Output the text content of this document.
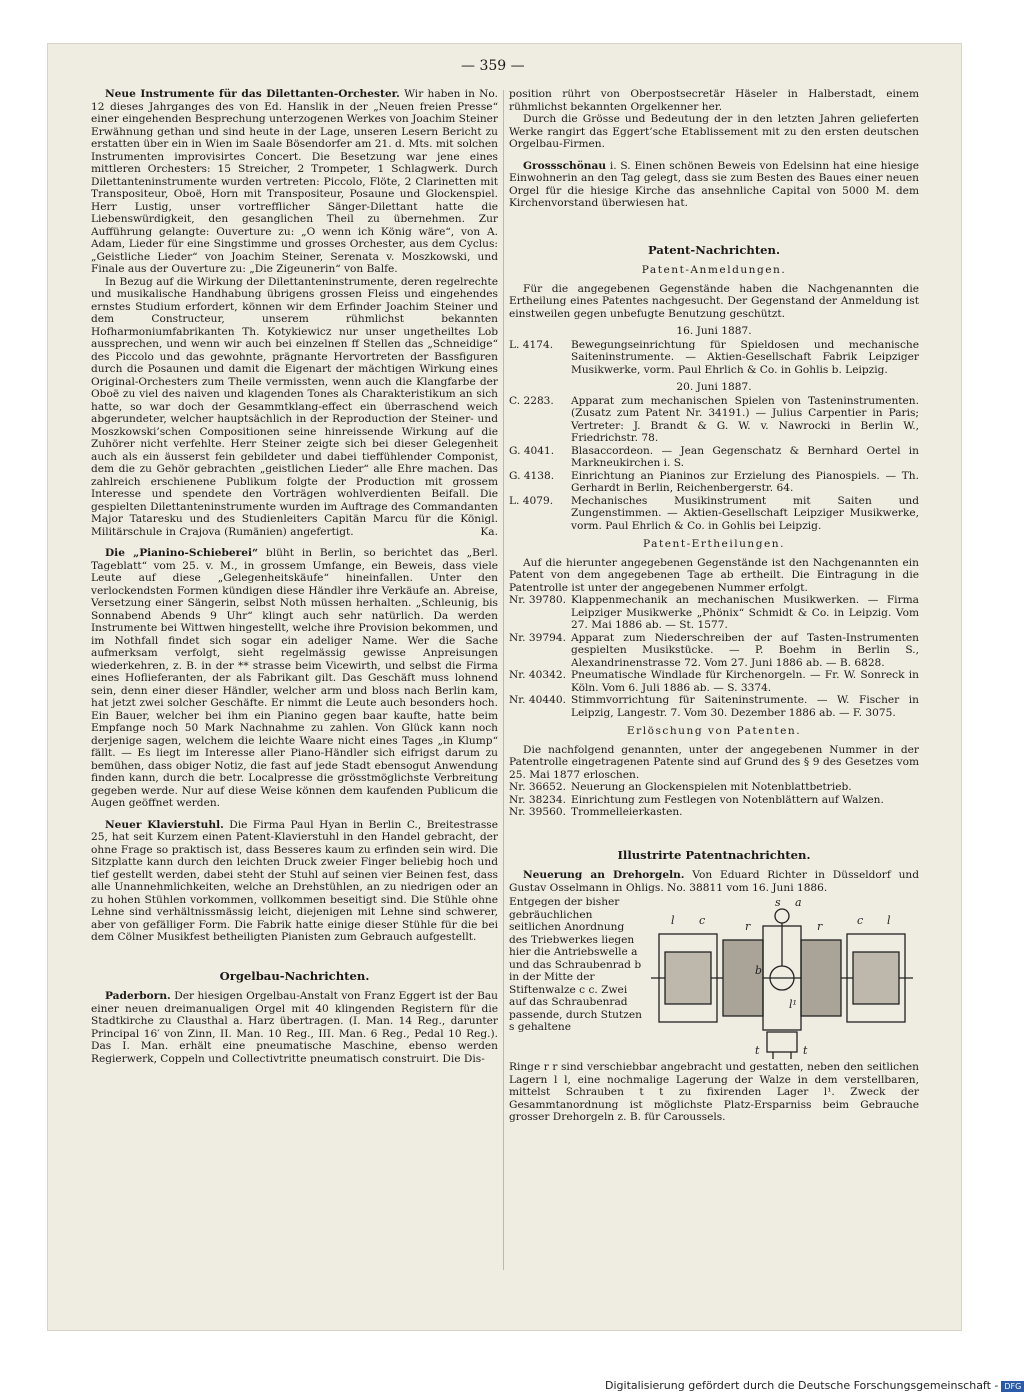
— 359 —

Neue Instrumente für das Dilettanten-Orchester. Wir haben in No. 12 dieses Jahrganges des von Ed. Hanslik in der „Neuen freien Presse“ einer eingehenden Besprechung unterzogenen Werkes von Joachim Steiner Erwähnung gethan und sind heute in der Lage, unseren Lesern Bericht zu erstatten über ein in Wien im Saale Bösendorfer am 21. d. Mts. mit solchen Instrumenten improvisirtes Concert. Die Besetzung war jene eines mittleren Orchesters: 15 Streicher, 2 Trompeter, 1 Schlagwerk. Durch Dilettanteninstrumente wurden vertreten: Piccolo, Flöte, 2 Clarinetten mit Transpositeur, Oboë, Horn mit Transpositeur, Posaune und Glockenspiel. Herr Lustig, unser vortrefflicher Sänger-Dilettant hatte die Liebenswürdigkeit, den gesanglichen Theil zu übernehmen. Zur Aufführung gelangte: Ouverture zu: „O wenn ich König wäre“, von A. Adam, Lieder für eine Singstimme und grosses Orchester, aus dem Cyclus: „Geistliche Lieder“ von Joachim Steiner, Serenata v. Moszkowski, und Finale aus der Ouverture zu: „Die Zigeunerin“ von Balfe.

In Bezug auf die Wirkung der Dilettanteninstrumente, deren regelrechte und musikalische Handhabung übrigens grossen Fleiss und eingehendes ernstes Studium erfordert, können wir dem Erfinder Joachim Steiner und dem Constructeur, unserem rühmlichst bekannten Hofharmoniumfabrikanten Th. Kotykiewicz nur unser ungetheiltes Lob aussprechen, und wenn wir auch bei einzelnen ff Stellen das „Schneidige“ des Piccolo und das gewohnte, prägnante Hervortreten der Bassfiguren durch die Posaunen und damit die Eigenart der mächtigen Wirkung eines Original-Orchesters zum Theile vermissten, wenn auch die Klangfarbe der Oboë zu viel des naiven und klagenden Tones als Charakteristikum an sich hatte, so war doch der Gesammtklang-effect ein überraschend weich abgerundeter, welcher hauptsächlich in der Reproduction der Steiner- und Moszkowski’schen Compositionen seine hinreissende Wirkung auf die Zuhörer nicht verfehlte. Herr Steiner zeigte sich bei dieser Gelegenheit auch als ein äusserst fein gebildeter und dabei tieffühlender Componist, dem die zu Gehör gebrachten „geistlichen Lieder“ alle Ehre machen. Das zahlreich erschienene Publikum folgte der Production mit grossem Interesse und spendete den Vorträgen wohlverdienten Beifall. Die gespielten Dilettanteninstrumente wurden im Auftrage des Commandanten Major Tataresku und des Studienleiters Capitän Marcu für die Königl. Militärschule in Crajova (Rumänien) angefertigt.	Ka.

Die „Pianino-Schieberei“ blüht in Berlin, so berichtet das „Berl. Tageblatt“ vom 25. v. M., in grossem Umfange, ein Beweis, dass viele Leute auf diese „Gelegenheitskäufe“ hineinfallen. Unter den verlockendsten Formen kündigen diese Händler ihre Verkäufe an. Abreise, Versetzung einer Sängerin, selbst Noth müssen herhalten. „Schleunig, bis Sonnabend Abends 9 Uhr“ klingt auch sehr natürlich. Da werden Instrumente bei Wittwen hingestellt, welche ihre Provision bekommen, und im Nothfall findet sich sogar ein adeliger Name. Wer die Sache aufmerksam verfolgt, sieht regelmässig gewisse Anpreisungen wiederkehren, z. B. in der ** strasse beim Vicewirth, und selbst die Firma eines Hoflieferanten, der als Fabrikant gilt. Das Geschäft muss lohnend sein, denn einer dieser Händler, welcher arm und bloss nach Berlin kam, hat jetzt zwei solcher Geschäfte. Er nimmt die Leute auch besonders hoch. Ein Bauer, welcher bei ihm ein Pianino gegen baar kaufte, hatte beim Empfange noch 50 Mark Nachnahme zu zahlen. Von Glück kann noch derjenige sagen, welchem die leichte Waare nicht eines Tages „in Klump“ fällt. — Es liegt im Interesse aller Piano-Händler sich eifrigst darum zu bemühen, dass obiger Notiz, die fast auf jede Stadt ebensogut Anwendung finden kann, durch die betr. Localpresse die grösstmöglichste Verbreitung gegeben werde. Nur auf diese Weise können dem kaufenden Publicum die Augen geöffnet werden.

Neuer Klavierstuhl. Die Firma Paul Hyan in Berlin C., Breitestrasse 25, hat seit Kurzem einen Patent-Klavierstuhl in den Handel gebracht, der ohne Frage so praktisch ist, dass Besseres kaum zu erfinden sein wird. Die Sitzplatte kann durch den leichten Druck zweier Finger beliebig hoch und tief gestellt werden, dabei steht der Stuhl auf seinen vier Beinen fest, dass alle Unannehmlichkeiten, welche an Drehstühlen, an zu niedrigen oder an zu hohen Stühlen vorkommen, vollkommen beseitigt sind. Die Stühle ohne Lehne sind verhältnissmässig leicht, diejenigen mit Lehne sind schwerer, aber von gefälliger Form. Die Fabrik hatte einige dieser Stühle für die bei dem Cölner Musikfest betheiligten Pianisten zum Gebrauch aufgestellt.

Orgelbau-Nachrichten.

Paderborn. Der hiesigen Orgelbau-Anstalt von Franz Eggert ist der Bau einer neuen dreimanualigen Orgel mit 40 klingenden Registern für die Stadtkirche zu Clausthal a. Harz übertragen. (I. Man. 14 Reg., darunter Principal 16′ von Zinn, II. Man. 10 Reg., III. Man. 6 Reg., Pedal 10 Reg.). Das I. Man. erhält eine pneumatische Maschine, ebenso werden Regierwerk, Coppeln und Collectivtritte pneumatisch construirt. Die Dis-

position rührt von Oberpostsecretär Häseler in Halberstadt, einem rühmlichst bekannten Orgelkenner her.

Durch die Grösse und Bedeutung der in den letzten Jahren gelieferten Werke rangirt das Eggert’sche Etablissement mit zu den ersten deutschen Orgelbau-Firmen.

Grossschönau i. S. Einen schönen Beweis von Edelsinn hat eine hiesige Einwohnerin an den Tag gelegt, dass sie zum Besten des Baues einer neuen Orgel für die hiesige Kirche das ansehnliche Capital von 5000 M. dem Kirchenvorstand überwiesen hat.

Patent-Nachrichten.
Patent-Anmeldungen.

Für die angegebenen Gegenstände haben die Nachgenannten die Ertheilung eines Patentes nachgesucht. Der Gegenstand der Anmeldung ist einstweilen gegen unbefugte Benutzung geschützt.

16. Juni 1887.
L. 4174. Bewegungseinrichtung für Spieldosen und mechanische Saiteninstrumente. — Aktien-Gesellschaft Fabrik Leipziger Musikwerke, vorm. Paul Ehrlich & Co. in Gohlis b. Leipzig.
20. Juni 1887.
C. 2283. Apparat zum mechanischen Spielen von Tasteninstrumenten. (Zusatz zum Patent Nr. 34191.) — Julius Carpentier in Paris; Vertreter: J. Brandt & G. W. v. Nawrocki in Berlin W., Friedrichstr. 78.
G. 4041. Blasaccordeon. — Jean Gegenschatz & Bernhard Oertel in Markneukirchen i. S.
G. 4138. Einrichtung an Pianinos zur Erzielung des Pianospiels. — Th. Gerhardt in Berlin, Reichenbergerstr. 64.
L. 4079. Mechanisches Musikinstrument mit Saiten und Zungenstimmen. — Aktien-Gesellschaft Leipziger Musikwerke, vorm. Paul Ehrlich & Co. in Gohlis bei Leipzig.
Patent-Ertheilungen.

Auf die hierunter angegebenen Gegenstände ist den Nachgenannten ein Patent von dem angegebenen Tage ab ertheilt. Die Eintragung in die Patentrolle ist unter der angegebenen Nummer erfolgt.

Nr. 39780. Klappenmechanik an mechanischen Musikwerken. — Firma Leipziger Musikwerke „Phönix“ Schmidt & Co. in Leipzig. Vom 27. Mai 1886 ab. — St. 1577.
Nr. 39794. Apparat zum Niederschreiben der auf Tasten-Instrumenten gespielten Musikstücke. — P. Boehm in Berlin S., Alexandrinenstrasse 72. Vom 27. Juni 1886 ab. — B. 6828.
Nr. 40342. Pneumatische Windlade für Kirchenorgeln. — Fr. W. Sonreck in Köln. Vom 6. Juli 1886 ab. — S. 3374.
Nr. 40440. Stimmvorrichtung für Saiteninstrumente. — W. Fischer in Leipzig, Langestr. 7. Vom 30. Dezember 1886 ab. — F. 3075.
Erlöschung von Patenten.

Die nachfolgend genannten, unter der angegebenen Nummer in der Patentrolle eingetragenen Patente sind auf Grund des § 9 des Gesetzes vom 25. Mai 1877 erloschen.

Nr. 36652. Neuerung an Glockenspielen mit Notenblattbetrieb.
Nr. 38234. Einrichtung zum Festlegen von Notenblättern auf Walzen.
Nr. 39560. Trommelleierkasten.
Illustrirte Patentnachrichten.

Neuerung an Drehorgeln. Von Eduard Richter in Düsseldorf und Gustav Osselmann in Ohligs. No. 38811 vom 16. Juni 1886.

Entgegen der bisher gebräuchlichen seitlichen Anordnung des Triebwerkes liegen hier die Antriebswelle a und das Schraubenrad b in der Mitte der Stiftenwalze c c. Zwei auf das Schraubenrad passende, durch Stutzen s gehaltene
l c	r
s a
r	c l
b
l¹
t	t

Ringe r r sind verschiebbar angebracht und gestatten, neben den seitlichen Lagern l l, eine nochmalige Lagerung der Walze in dem verstellbaren, mittelst Schrauben t t zu fixirenden Lager l¹. Zweck der Gesammtanordnung ist möglichste Platz-Ersparniss beim Gebrauche grosser Drehorgeln z. B. für Caroussels.

Digitalisierung gefördert durch die Deutsche Forschungsgemeinschaft - DFG
